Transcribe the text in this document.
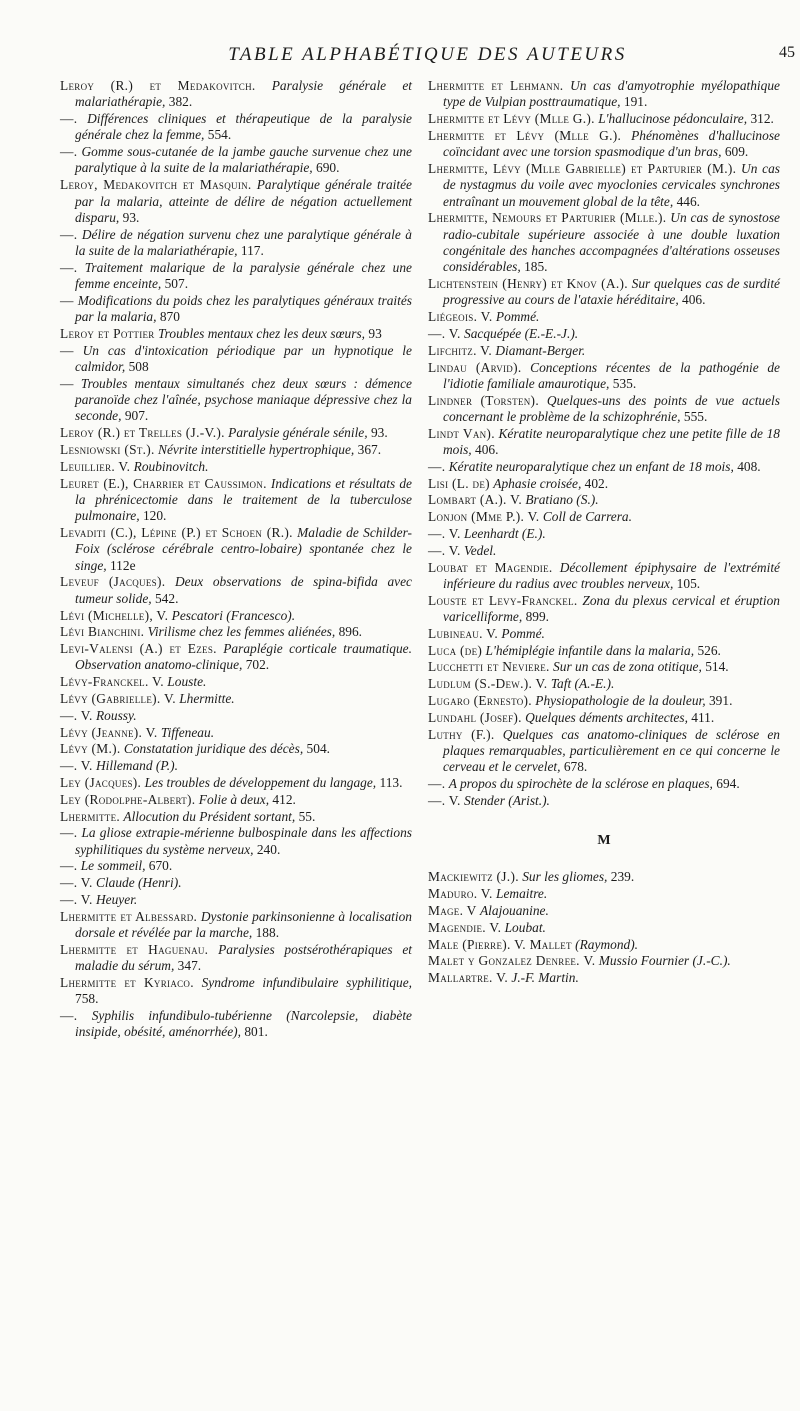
TABLE ALPHABÉTIQUE DES AUTEURS	45
Leroy (R.) et Medakovitch. Paralysie générale et malariathérapie, 382.
—. Différences cliniques et thérapeutique de la paralysie générale chez la femme, 554.
—. Gomme sous-cutanée de la jambe gauche survenue chez une paralytique à la suite de la malariathérapie, 690.
Leroy, Medakovitch et Masquin. Paralytique générale traitée par la malaria, atteinte de délire de négation actuellement disparu, 93.
—. Délire de négation survenu chez une paralytique générale à la suite de la malariathérapie, 117.
—. Traitement malarique de la paralysie générale chez une femme enceinte, 507.
— Modifications du poids chez les paralytiques généraux traités par la malaria, 870
Leroy et Pottier Troubles mentaux chez les deux sœurs, 93
— Un cas d'intoxication périodique par un hypnotique le calmidor, 508
— Troubles mentaux simultanés chez deux sœurs : démence paranoïde chez l'aînée, psychose maniaque dépressive chez la seconde, 907.
Leroy (R.) et Trelles (J.-V.). Paralysie générale sénile, 93.
Lesniowski (St.). Névrite interstitielle hypertrophique, 367.
Leuillier. V. Roubinovitch.
Leuret (E.), Charrier et Caussimon. Indications et résultats de la phrénicectomie dans le traitement de la tuberculose pulmonaire, 120.
Levaditi (C.), Lépine (P.) et Schoen (R.). Maladie de Schilder-Foix (sclérose cérébrale centro-lobaire) spontanée chez le singe, 112e
Leveuf (Jacques). Deux observations de spina-bifida avec tumeur solide, 542.
Lévi (Michelle), V. Pescatori (Francesco).
Lévi Bianchini. Virilisme chez les femmes aliénées, 896.
Levi-Valensi (A.) et Ezes. Paraplégie corticale traumatique. Observation anatomo-clinique, 702.
Lévy-Franckel. V. Louste.
Lévy (Gabrielle). V. Lhermitte.
—. V. Roussy.
Lévy (Jeanne). V. Tiffeneau.
Lévy (M.). Constatation juridique des décès, 504.
—. V. Hillemand (P.).
Ley (Jacques). Les troubles de développement du langage, 113.
Ley (Rodolphe-Albert). Folie à deux, 412.
Lhermitte. Allocution du Président sortant, 55.
—. La gliose extrapie-mérienne bulbospinale dans les affections syphilitiques du système nerveux, 240.
—. Le sommeil, 670.
—. V. Claude (Henri).
—. V. Heuyer.
Lhermitte et Albessard. Dystonie parkinsonienne à localisation dorsale et révélée par la marche, 188.
Lhermitte et Haguenau. Paralysies postsérothérapiques et maladie du sérum, 347.
Lhermitte et Kyriaco. Syndrome infundibulaire syphilitique, 758.
—. Syphilis infundibulo-tubérienne (Narcolepsie, diabète insipide, obésité, aménorrhée), 801.
Lhermitte et Lehmann. Un cas d'amyotrophie myélopathique type de Vulpian posttraumatique, 191.
Lhermitte et Lévy (Mlle G.). L'hallucinose pédonculaire, 312.
Lhermitte et Lévy (Mlle G.). Phénomènes d'hallucinose coïncidant avec une torsion spasmodique d'un bras, 609.
Lhermitte, Lévy (Mlle Gabrielle) et Parturier (M.). Un cas de nystagmus du voile avec myoclonies cervicales synchrones entraînant un mouvement global de la tête, 446.
Lhermitte, Nemours et Parturier (Mlle.). Un cas de synostose radio-cubitale supérieure associée à une double luxation congénitale des hanches accompagnées d'altérations osseuses considérables, 185.
Lichtenstein (Henry) et Knov (A.). Sur quelques cas de surdité progressive au cours de l'ataxie héréditaire, 406.
Liégeois. V. Pommé.
—. V. Sacquépée (E.-E.-J.).
Lifchitz. V. Diamant-Berger.
Lindau (Arvid). Conceptions récentes de la pathogénie de l'idiotie familiale amaurotique, 535.
Lindner (Torsten). Quelques-uns des points de vue actuels concernant le problème de la schizophrénie, 555.
Lindt Van). Kératite neuroparalytique chez une petite fille de 18 mois, 406.
—. Kératite neuroparalytique chez un enfant de 18 mois, 408.
Lisi (L. de) Aphasie croisée, 402.
Lombart (A.). V. Bratiano (S.).
Lonjon (Mme P.). V. Coll de Carrera.
—. V. Leenhardt (E.).
—. V. Vedel.
Loubat et Magendie. Décollement épiphysaire de l'extrémité inférieure du radius avec troubles nerveux, 105.
Louste et Levy-Franckel. Zona du plexus cervical et éruption varicelliforme, 899.
Lubineau. V. Pommé.
Luca (de) L'hémiplégie infantile dans la malaria, 526.
Lucchetti et Nevierе. Sur un cas de zona otitique, 514.
Ludlum (S.-Dew.). V. Taft (A.-E.).
Lugaro (Ernesto). Physiopathologie de la douleur, 391.
Lundahl (Josef). Quelques déments architectes, 411.
Luthy (F.). Quelques cas anatomo-cliniques de sclérose en plaques remarquables, particulièrement en ce qui concerne le cerveau et le cervelet, 678.
—. A propos du spirochète de la sclérose en plaques, 694.
—. V. Stender (Arist.).
M
Mackiewitz (J.). Sur les gliomes, 239.
Maduro. V. Lemaitre.
Mage. V Alajouanine.
Magendie. V. Loubat.
Male (Pierre). V. Mallet (Raymond).
Malet y Gonzalez Denreе. V. Mussio Fournier (J.-C.).
Mallartre. V. J.-F. Martin.
